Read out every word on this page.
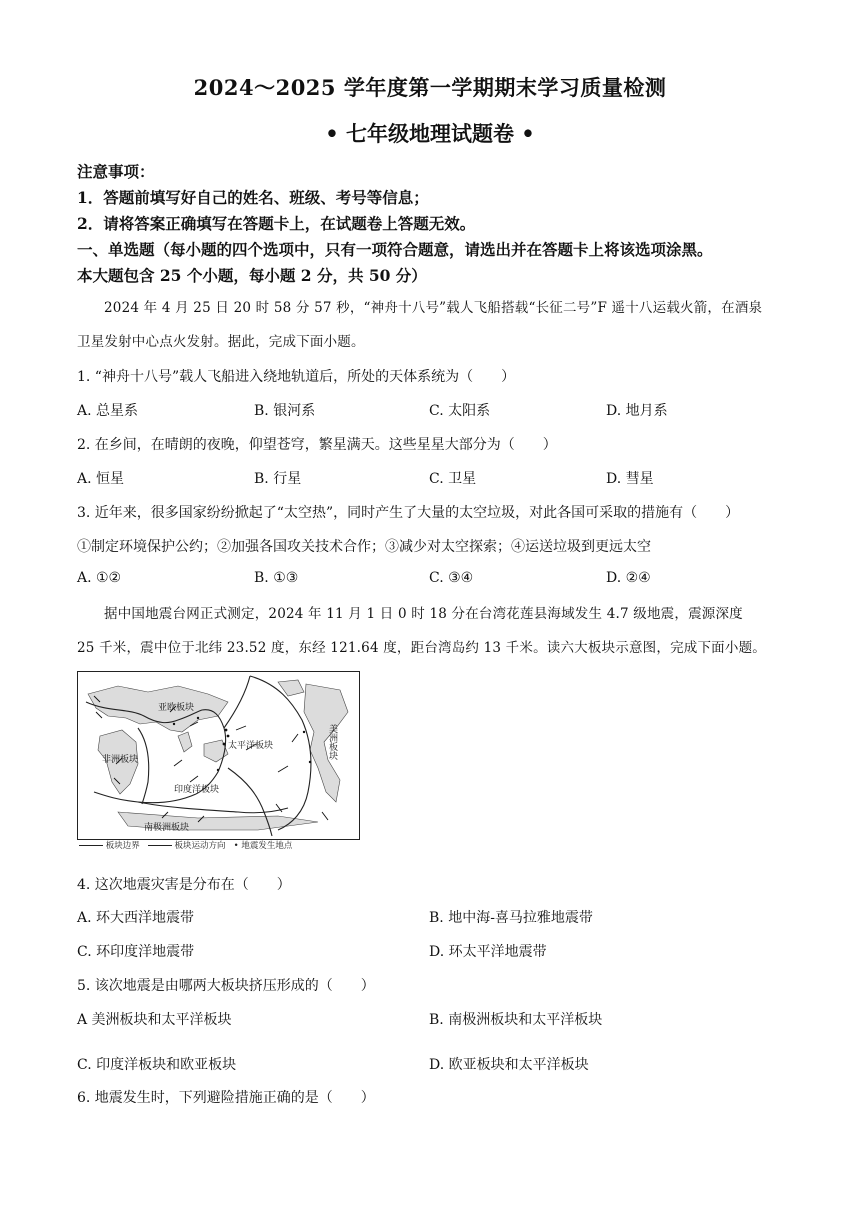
2024～2025 学年度第一学期期末学习质量检测
• 七年级地理试题卷 •
注意事项：
1．答题前填写好自己的姓名、班级、考号等信息；
2．请将答案正确填写在答题卡上，在试题卷上答题无效。
一、单选题（每小题的四个选项中，只有一项符合题意，请选出并在答题卡上将该选项涂黑。
本大题包含 25 个小题，每小题 2 分，共 50 分）
2024 年 4 月 25 日 20 时 58 分 57 秒，“神舟十八号”载人飞船搭载“长征二号”F 遥十八运载火箭，在酒泉
卫星发射中心点火发射。据此，完成下面小题。
1. “神舟十八号”载人飞船进入绕地轨道后，所处的天体系统为（　　）
A. 总星系	B. 银河系	C. 太阳系	D. 地月系
2. 在乡间，在晴朗的夜晚，仰望苍穹，繁星满天。这些星星大部分为（　　）
A. 恒星	B. 行星	C. 卫星	D. 彗星
3. 近年来，很多国家纷纷掀起了“太空热”，同时产生了大量的太空垃圾，对此各国可采取的措施有（　　）
①制定环境保护公约；②加强各国攻关技术合作；③减少对太空探索；④运送垃圾到更远太空
A. ①②	B. ①③	C. ③④	D. ②④
据中国地震台网正式测定，2024 年 11 月 1 日 0 时 18 分在台湾花莲县海域发生 4.7 级地震，震源深度
25 千米，震中位于北纬 23.52 度，东经 121.64 度，距台湾岛约 13 千米。读六大板块示意图，完成下面小题。
亚欧板块
太平洋板块	美洲板块
非洲板块
印度洋板块
南极洲板块
板块边界	板块运动方向 • 地震发生地点
4. 这次地震灾害是分布在（　　）
A. 环大西洋地震带	B. 地中海-喜马拉雅地震带
C. 环印度洋地震带	D. 环太平洋地震带
5. 该次地震是由哪两大板块挤压形成的（　　）
A 美洲板块和太平洋板块	B. 南极洲板块和太平洋板块
C. 印度洋板块和欧亚板块	D. 欧亚板块和太平洋板块
6. 地震发生时，下列避险措施正确的是（　　）
